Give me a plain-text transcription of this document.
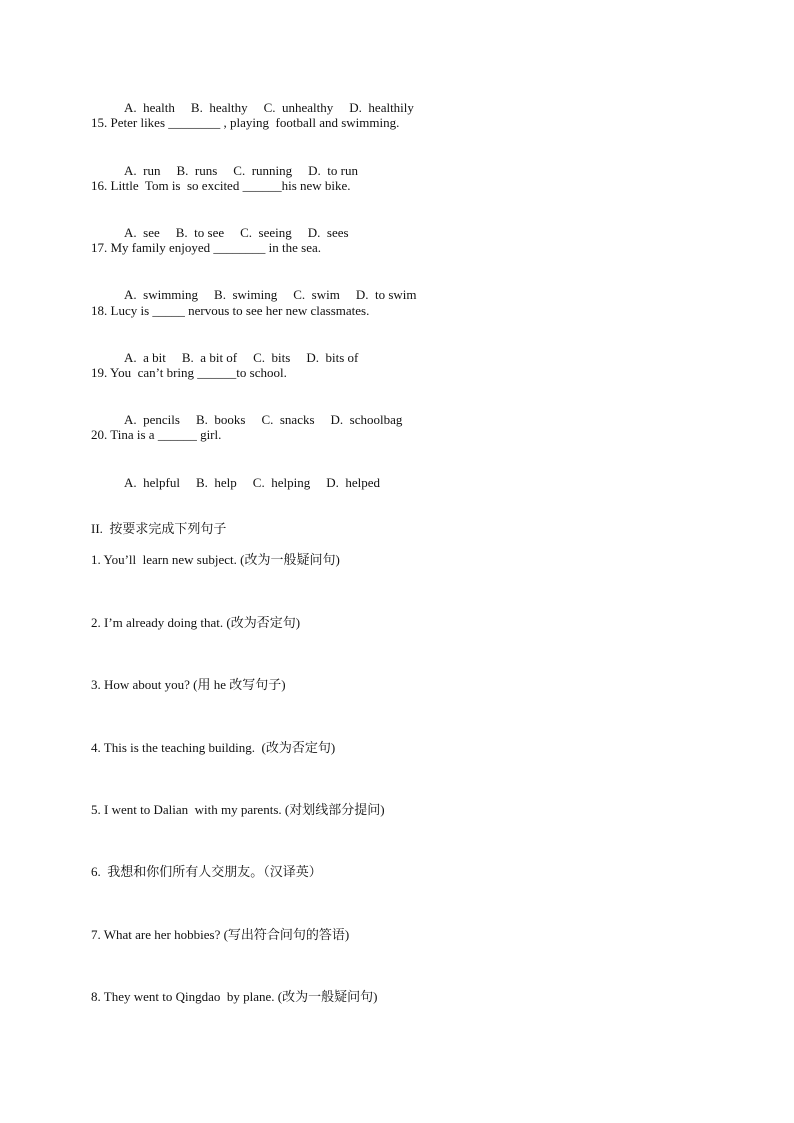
A.  health B.  healthy C.  unhealthy D.  healthily

15. Peter likes ________ , playing  football and swimming.

A.  run B.  runs C.  running D.  to run

16. Little  Tom is  so excited ______his new bike.

A.  see B.  to see C.  seeing D.  sees

17. My family enjoyed ________ in the sea.

A.  swimming B.  swiming C.  swim D.  to swim

18. Lucy is _____ nervous to see her new classmates.

A.  a bit B.  a bit of C.  bits D.  bits of

19. You  can’t bring ______to school.

A.  pencils B.  books C.  snacks D.  schoolbag

20. Tina is a ______ girl.

A.  helpful B.  help C.  helping D.  helped

II.  按要求完成下列句子
1. You’ll  learn new subject. (改为一般疑问句)
2. I’m already doing that. (改为否定句)
3. How about you? (用 he 改写句子)
4. This is the teaching building.  (改为否定句)
5. I went to Dalian  with my parents. (对划线部分提问)
6.  我想和你们所有人交朋友。（汉译英）
7. What are her hobbies? (写出符合问句的答语)
8. They went to Qingdao  by plane. (改为一般疑问句)
